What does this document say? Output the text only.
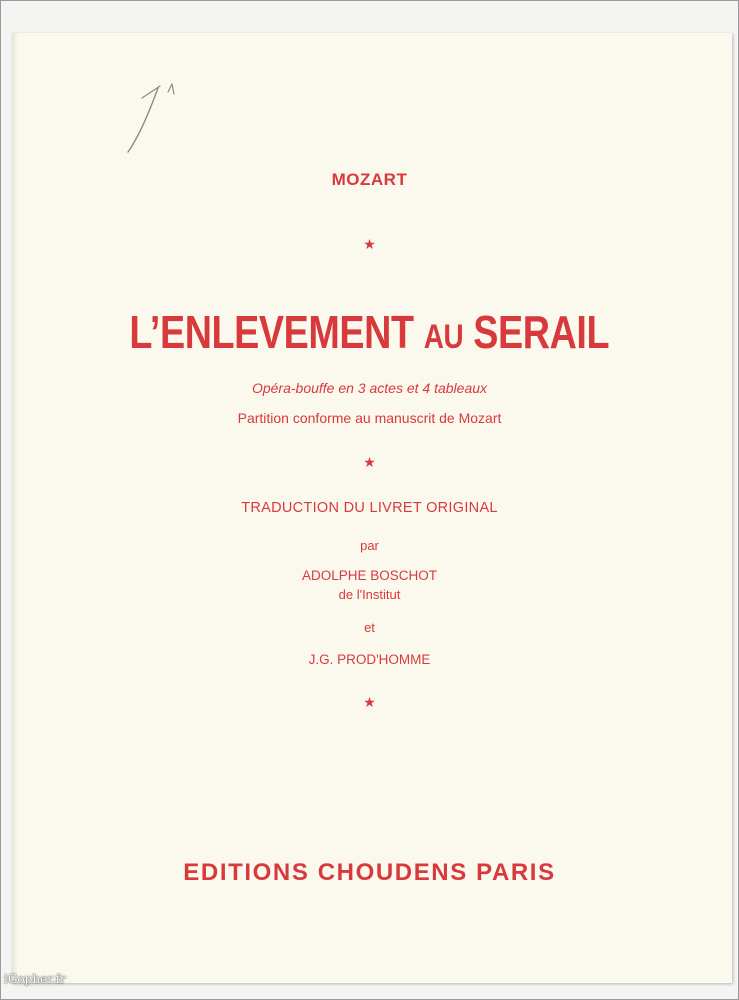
MOZART
★
L’ENLEVEMENT AU SERAIL
Opéra-bouffe en 3 actes et 4 tableaux
Partition conforme au manuscrit de Mozart
★
TRADUCTION DU LIVRET ORIGINAL
par
ADOLPHE BOSCHOT
de l'Institut
et
J.G. PROD'HOMME
★
EDITIONS CHOUDENS PARIS
iGopher.fr
